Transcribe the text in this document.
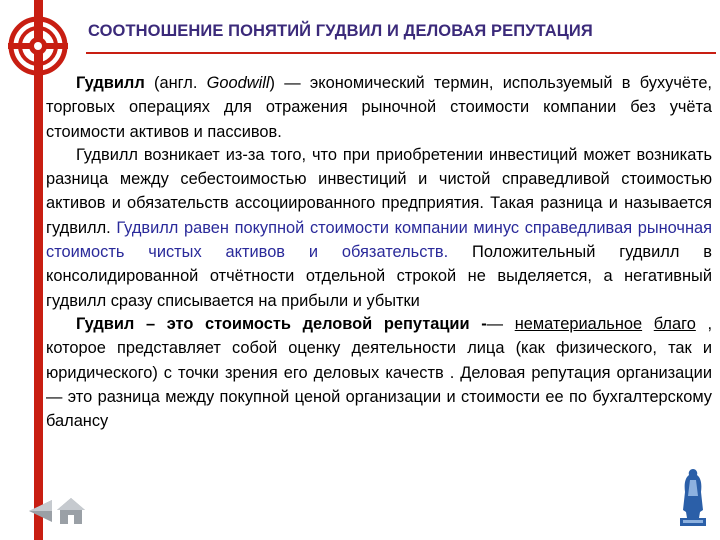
СООТНОШЕНИЕ ПОНЯТИЙ ГУДВИЛ И ДЕЛОВАЯ РЕПУТАЦИЯ

Гудвилл (англ. Goodwill) — экономический термин, используемый в бухучёте, торговых операциях для отражения рыночной стоимости компании без учёта стоимости активов и пассивов.

Гудвилл возникает из-за того, что при приобретении инвестиций может возникать разница между себестоимостью инвестиций и чистой справедливой стоимостью активов и обязательств ассоциированного предприятия. Такая разница и называется гудвилл. Гудвилл равен покупной стоимости компании минус справедливая рыночная стоимость чистых активов и обязательств. Положительный гудвилл в консолидированной отчётности отдельной строкой не выделяется, а негативный гудвилл сразу списывается на прибыли и убытки

Гудвил – это стоимость деловой репутации -— нематериальное благо , которое представляет собой оценку деятельности лица (как физического, так и юридического) с точки зрения его деловых качеств . Деловая репутация организации — это разница между покупной ценой организации и стоимости ее по бухгалтерскому балансу
